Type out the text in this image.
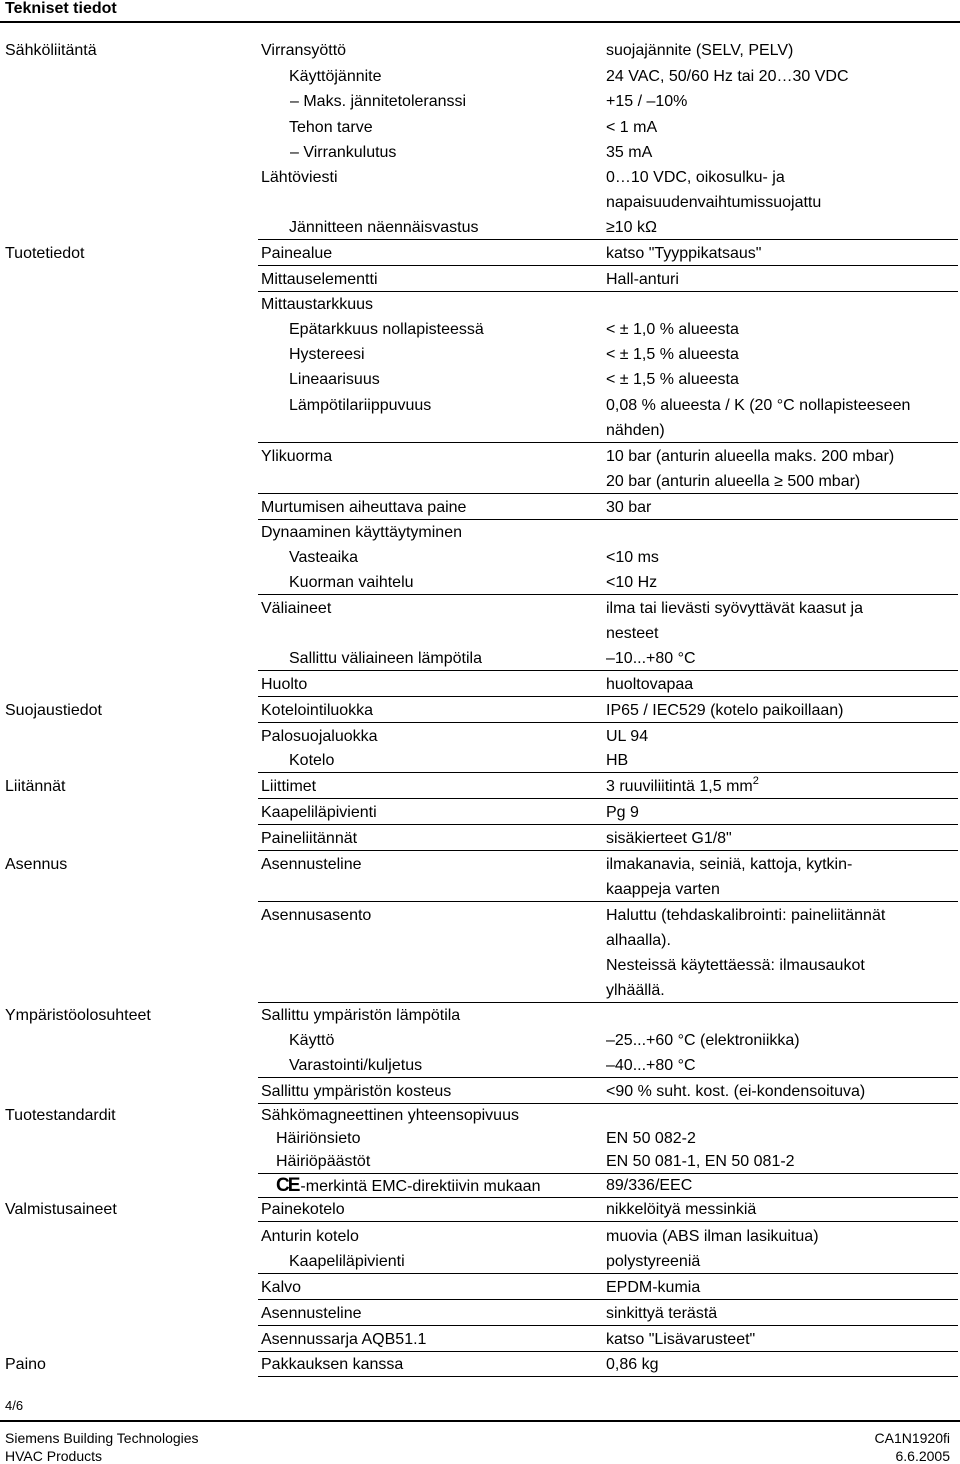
Tekniset tiedot
Sähköliitäntä	Virransyöttö	suojajännite (SELV, PELV)
Käyttöjännite	24 VAC, 50/60 Hz tai 20…30 VDC
– Maks. jännitetoleranssi	+15 / –10%
Tehon tarve	< 1 mA
– Virrankulutus	35 mA
Lähtöviesti	0…10 VDC, oikosulku- ja
napaisuudenvaihtumissuojattu
Jännitteen näennäisvastus	≥10 kΩ
Tuotetiedot	Painealue	katso "Tyyppikatsaus"
Mittauselementti	Hall-anturi
Mittaustarkkuus
Epätarkkuus nollapisteessä	< ± 1,0 % alueesta
Hystereesi	< ± 1,5 % alueesta
Lineaarisuus	< ± 1,5 % alueesta
Lämpötilariippuvuus	0,08 % alueesta / K (20 °C nollapisteeseen
nähden)
Ylikuorma	10 bar (anturin alueella maks. 200 mbar)
20 bar (anturin alueella ≥ 500 mbar)
Murtumisen aiheuttava paine	30 bar
Dynaaminen käyttäytyminen
Vasteaika	<10 ms
Kuorman vaihtelu	<10 Hz
Väliaineet	ilma tai lievästi syövyttävät kaasut ja
nesteet
Sallittu väliaineen lämpötila	–10...+80 °C
Huolto	huoltovapaa
Suojaustiedot	Kotelointiluokka	IP65 / IEC529 (kotelo paikoillaan)
Palosuojaluokka	UL 94
Kotelo	HB
Liitännät	Liittimet	3 ruuviliitintä 1,5 $mm^2$
Kaapeliläpivienti	Pg 9
Paineliitännät	sisäkierteet G1/8"
Asennus	Asennusteline	ilmakanavia, seiniä, kattoja, kytkin-
kaappeja varten
Asennusasento	Haluttu (tehdaskalibrointi: paineliitännät
alhaalla).
Nesteissä käytettäessä: ilmausaukot
ylhäällä.
Ympäristöolosuhteet	Sallittu ympäristön lämpötila
Käyttö	–25...+60 °C (elektroniikka)
Varastointi/kuljetus	–40...+80 °C
Sallittu ympäristön kosteus	<90 % suht. kost. (ei-kondensoituva)
Tuotestandardit	Sähkömagneettinen yhteensopivuus
Häiriönsieto	EN 50 082-2
Häiriöpäästöt	EN 50 081-1, EN 50 081-2
CE -merkintä EMC-direktiivin mukaan	89/336/EEC
Valmistusaineet	Painekotelo	nikkelöityä messinkiä
Anturin kotelo	muovia (ABS ilman lasikuitua)
Kaapeliläpivienti	polystyreeniä
Kalvo	EPDM-kumia
Asennusteline	sinkittyä terästä
Asennussarja AQB51.1	katso "Lisävarusteet"
Paino	Pakkauksen kanssa	0,86 kg
4/6
Siemens Building Technologies
HVAC Products
CA1N1920fi
6.6.2005
